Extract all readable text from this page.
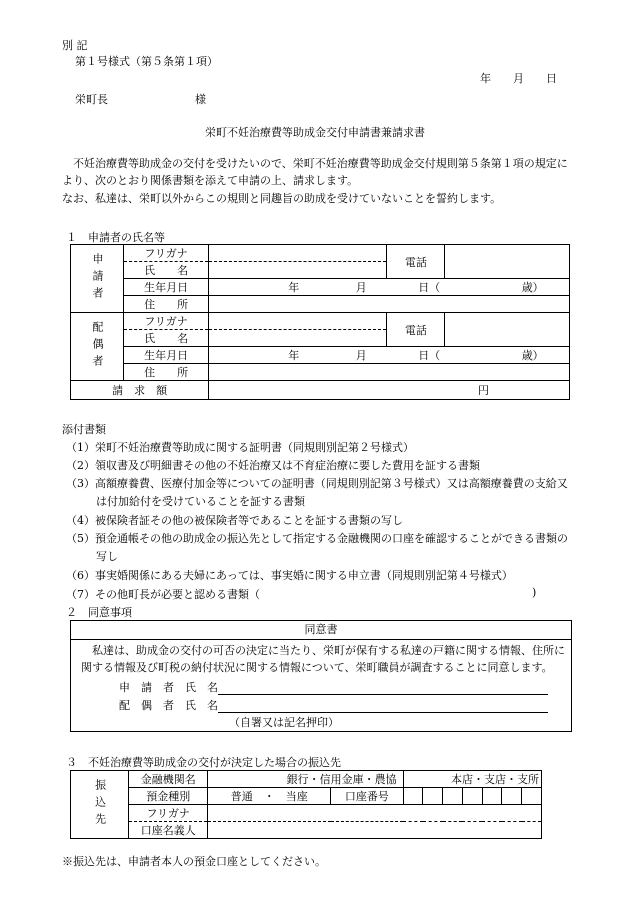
別 記
第１号様式（第５条第１項）
年 月 日
栄町長	様
栄町不妊治療費等助成金交付申請書兼請求書
不妊治療費等助成金の交付を受けたいので、栄町不妊治療費等助成金交付規則第５条第１項の規定により、次のとおり関係書類を添えて申請の上、請求します。
なお、私達は、栄町以外からこの規則と同趣旨の助成を受けていないことを誓約します。
１　申請者の氏名等
申請者	フリガナ		電話	
	氏　　名			
	生年月日	年 月 日（ 歳）		
	住　　所			
配偶者	フリガナ		電話	
	氏　　名			
	生年月日	年 月 日（ 歳）		
	住　　所			
請　求　額		円		
添付書類
（1）栄町不妊治療費等助成に関する証明書（同規則別記第２号様式）
（2）領収書及び明細書その他の不妊治療又は不育症治療に要した費用を証する書類
（3）高額療養費、医療付加金等についての証明書（同規則別記第３号様式）又は高額療養費の支給又
は付加給付を受けていることを証する書類
（4）被保険者証その他の被保険者等であることを証する書類の写し
（5）預金通帳その他の助成金の振込先として指定する金融機関の口座を確認することができる書類の
写し
（6）事実婚関係にある夫婦にあっては、事実婚に関する申立書（同規則別記第４号様式）
（7）その他町長が必要と認める書類（	)
２　同意事項
同意書
私達は、助成金の交付の可否の決定に当たり、栄町が保有する私達の戸籍に関する情報、住所に関する情報及び町税の納付状況に関する情報について、栄町職員が調査することに同意します。
申　請　者　氏　名
配　偶　者　氏　名
（自署又は記名押印）
３　不妊治療費等助成金の交付が決定した場合の振込先
振込先	金融機関名	銀行・信用金庫・農協		本店・支店・支所						
	預金種別	普通　・　当座	口座番号							
	フリガナ									
	口座名義人									
※振込先は、申請者本人の預金口座としてください。
